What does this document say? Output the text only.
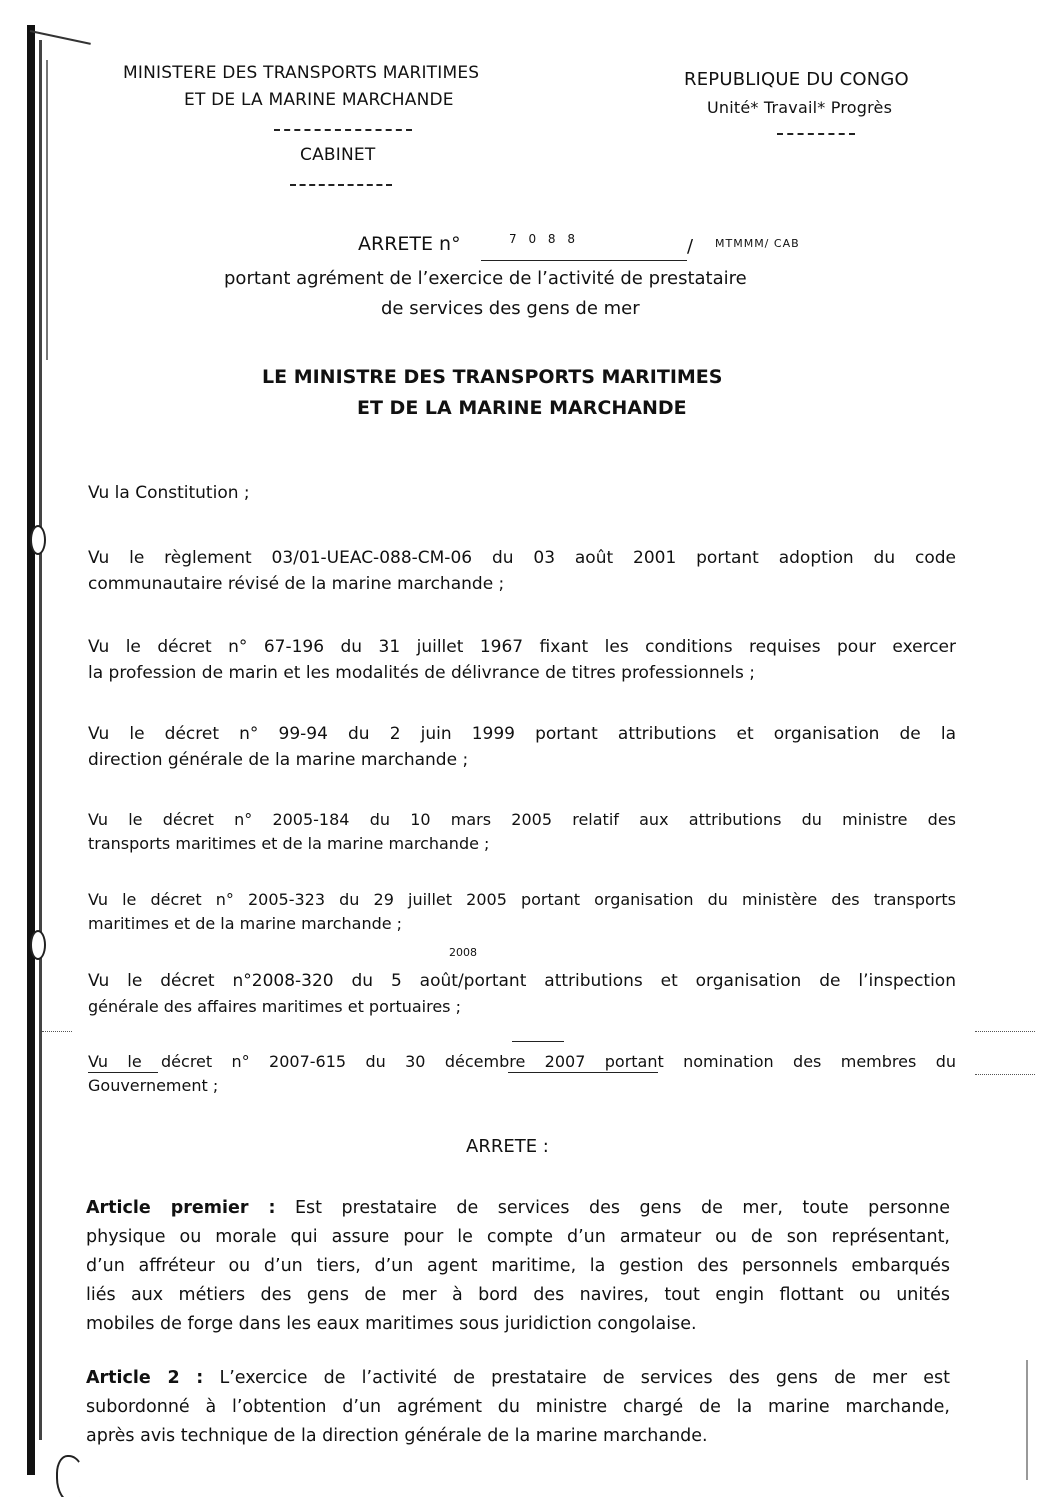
MINISTERE DES TRANSPORTS MARITIMES
ET DE LA MARINE MARCHANDE
CABINET
REPUBLIQUE DU CONGO
Unité* Travail* Progrès
ARRETE n°	7 0 8 8	/ MTMMM/ CAB
portant agrément de l’exercice de l’activité de prestataire
de services des gens de mer
LE MINISTRE DES TRANSPORTS MARITIMES
ET DE LA MARINE MARCHANDE
Vu la Constitution ;
Vu le règlement 03/01-UEAC-088-CM-06 du 03 août 2001 portant adoption du code
communautaire révisé de la marine marchande ;
Vu le décret n° 67-196 du 31 juillet 1967 fixant les conditions requises pour exercer
la profession de marin et les modalités de délivrance de titres professionnels ;
Vu le décret n° 99-94 du 2 juin 1999 portant attributions et organisation de la
direction générale de la marine marchande ;
Vu le décret n° 2005-184 du 10 mars 2005 relatif aux attributions du ministre des
transports maritimes et de la marine marchande ;
Vu le décret n° 2005-323 du 29 juillet 2005 portant organisation du ministère des transports
maritimes et de la marine marchande ;
2008
Vu le décret n°2008-320 du 5 août/portant attributions et organisation de l’inspection
générale des affaires maritimes et portuaires ;
Vu le décret n° 2007-615 du 30 décembre 2007 portant nomination des membres du
Gouvernement ;
ARRETE :
Article premier : Est prestataire de services des gens de mer, toute personne
physique ou morale qui assure pour le compte d’un armateur ou de son représentant,
d’un affréteur ou d’un tiers, d’un agent maritime, la gestion des personnels embarqués
liés aux métiers des gens de mer à bord des navires, tout engin flottant ou unités
mobiles de forge dans les eaux maritimes sous juridiction congolaise.
Article 2 : L’exercice de l’activité de prestataire de services des gens de mer est
subordonné à l’obtention d’un agrément du ministre chargé de la marine marchande,
après avis technique de la direction générale de la marine marchande.
